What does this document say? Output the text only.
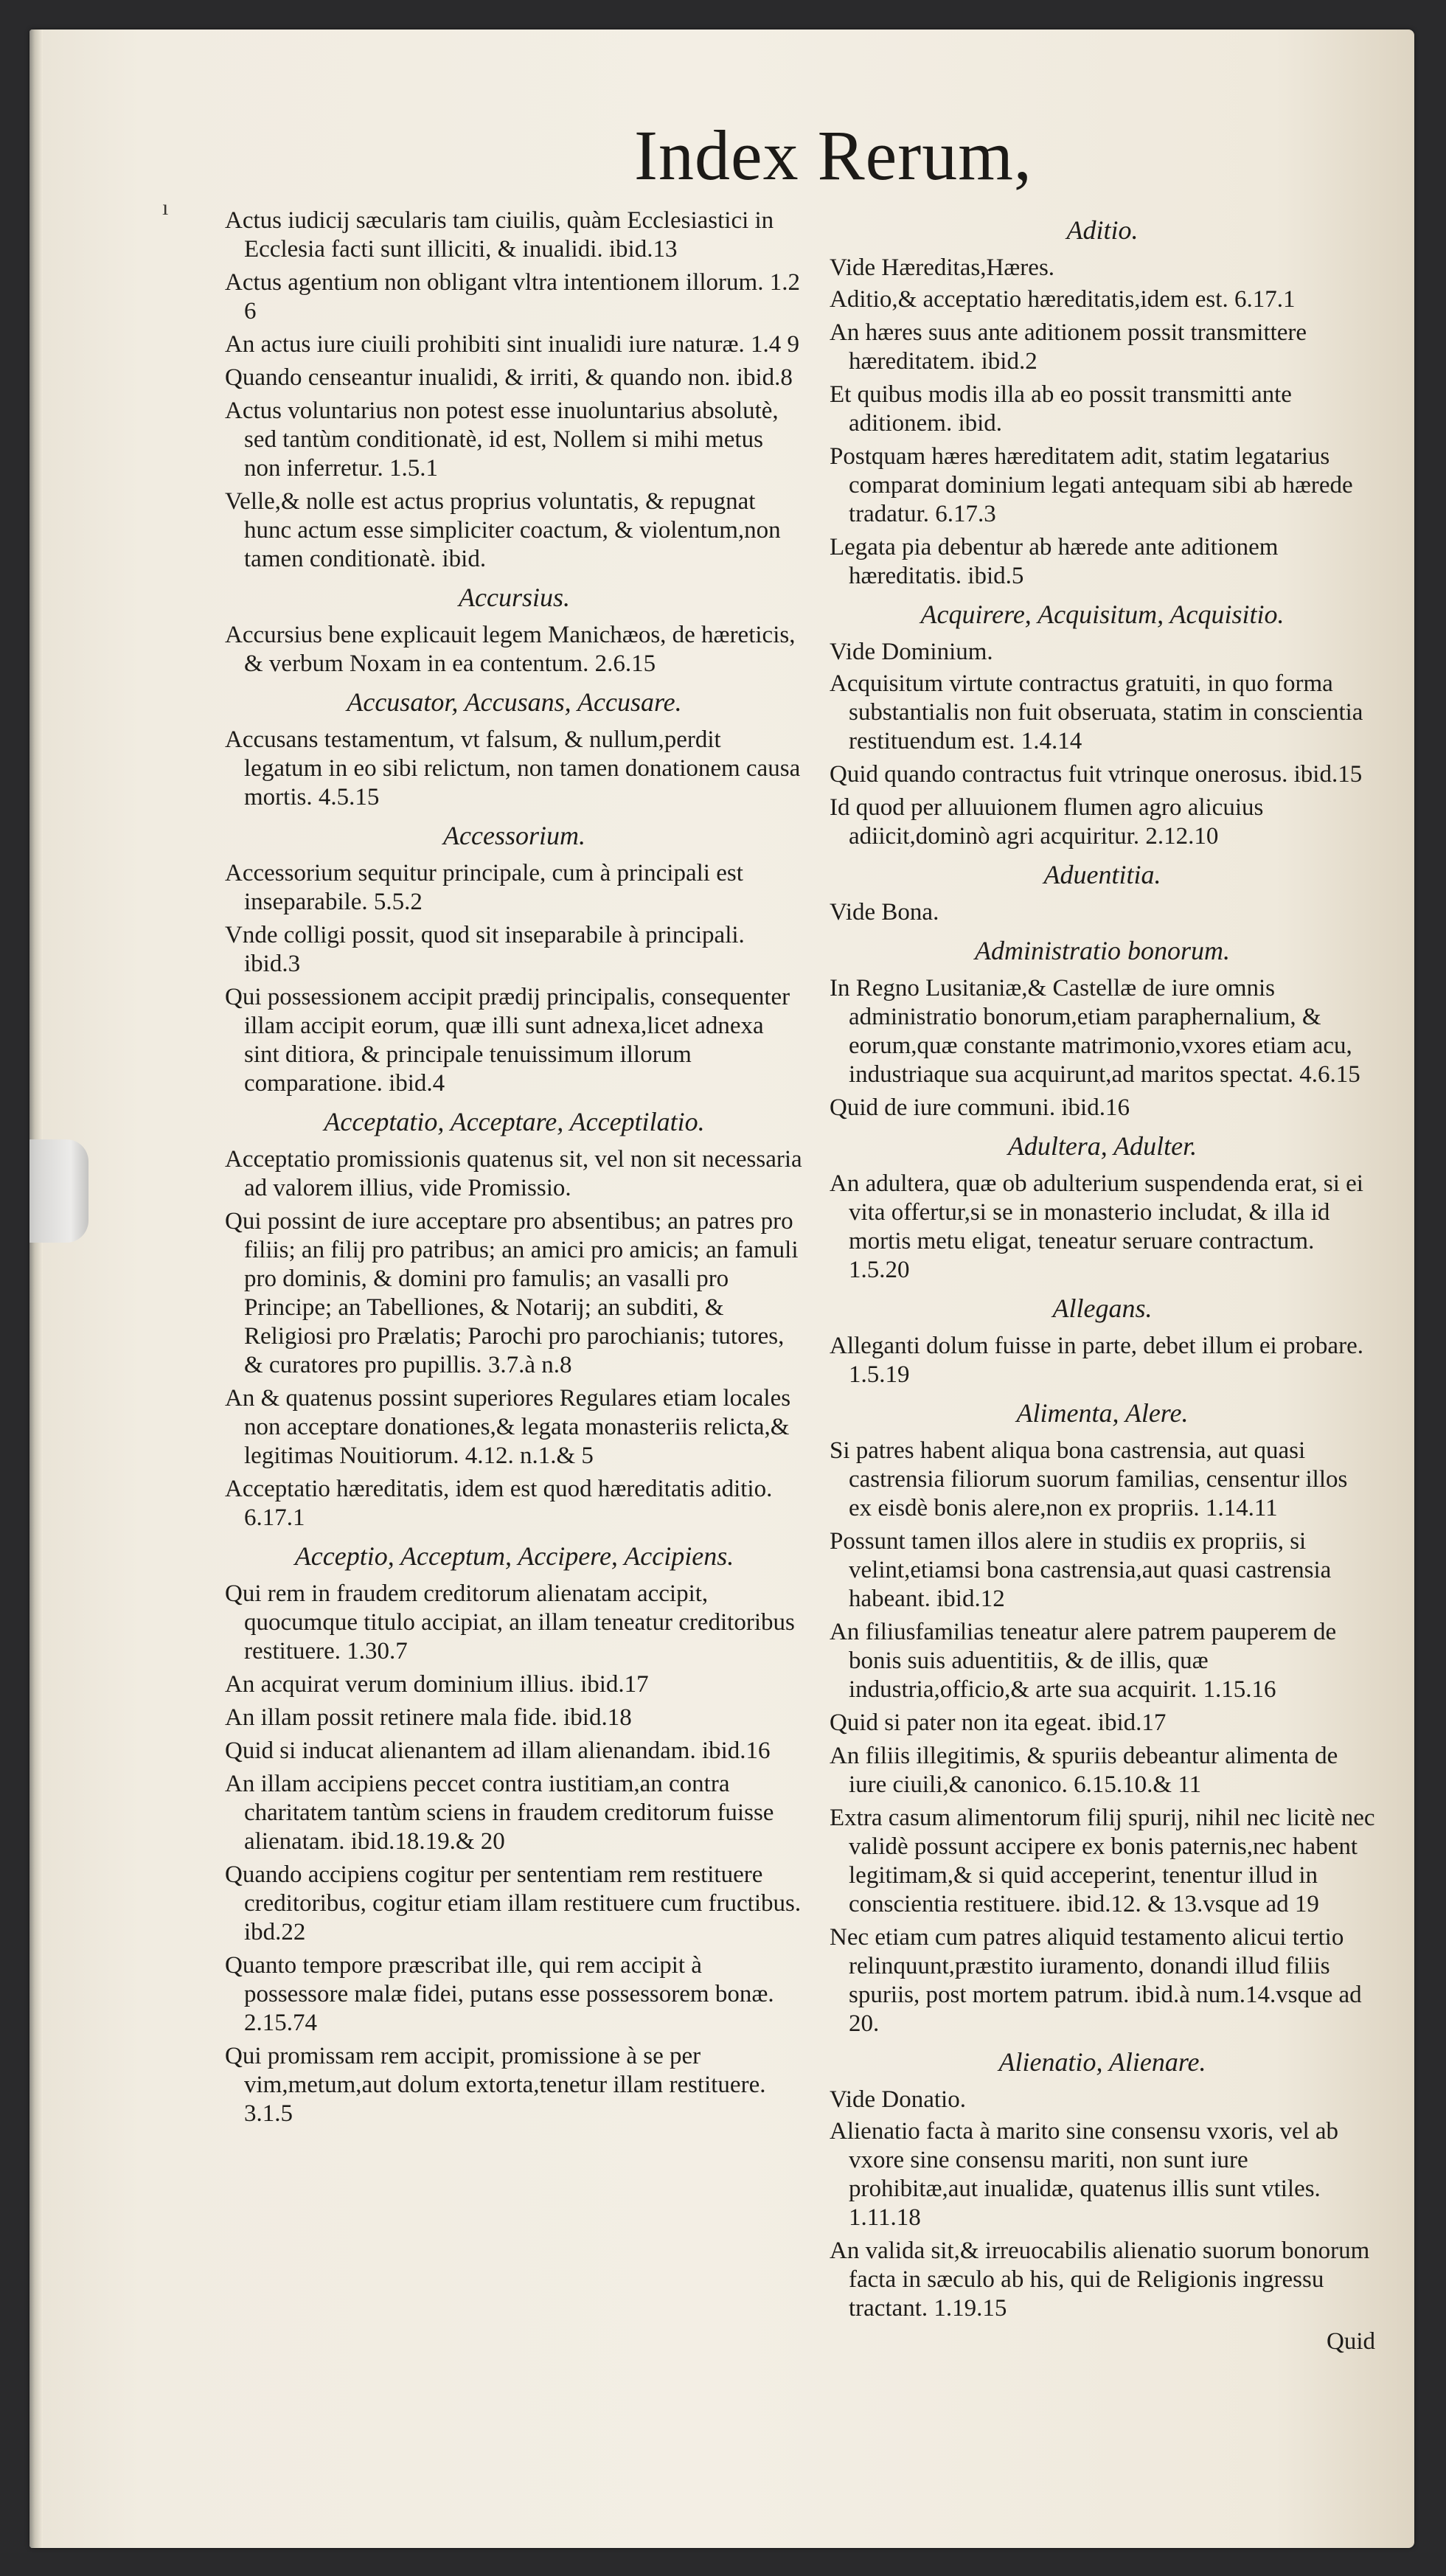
Index Rerum,
ı Actus iudicij sæcularis tam ciuilis, quàm Ecclesiastici in Ecclesia facti sunt illiciti, & inualidi. ibid.13
Actus agentium non obligant vltra intentionem illorum. 1.2 6
An actus iure ciuili prohibiti sint inualidi iure naturæ. 1.4 9
Quando censeantur inualidi, & irriti, & quando non. ibid.8
Actus voluntarius non potest esse inuoluntarius absolutè, sed tantùm conditionatè, id est, Nollem si mihi metus non inferretur. 1.5.1
Velle,& nolle est actus proprius voluntatis, & repugnat hunc actum esse simpliciter coactum, & violentum,non tamen conditionatè. ibid.
Accursius.
Accursius bene explicauit legem Manichæos, de hæreticis, & verbum Noxam in ea contentum. 2.6.15
Accusator, Accusans, Accusare.
Accusans testamentum, vt falsum, & nullum,perdit legatum in eo sibi relictum, non tamen donationem causa mortis. 4.5.15
Accessorium.
Accessorium sequitur principale, cum à principali est inseparabile. 5.5.2
Vnde colligi possit, quod sit inseparabile à principali. ibid.3
Qui possessionem accipit prædij principalis, consequenter illam accipit eorum, quæ illi sunt adnexa,licet adnexa sint ditiora, & principale tenuissimum illorum comparatione. ibid.4
Acceptatio, Acceptare, Acceptilatio.
Acceptatio promissionis quatenus sit, vel non sit necessaria ad valorem illius, vide Promissio.
Qui possint de iure acceptare pro absentibus; an patres pro filiis; an filij pro patribus; an amici pro amicis; an famuli pro dominis, & domini pro famulis; an vasalli pro Principe; an Tabelliones, & Notarij; an subditi, & Religiosi pro Prælatis; Parochi pro parochianis; tutores, & curatores pro pupillis. 3.7.à n.8
An & quatenus possint superiores Regulares etiam locales non acceptare donationes,& legata monasteriis relicta,& legitimas Nouitiorum. 4.12. n.1.& 5
Acceptatio hæreditatis, idem est quod hæreditatis aditio. 6.17.1
Acceptio, Acceptum, Accipere, Accipiens.
Qui rem in fraudem creditorum alienatam accipit, quocumque titulo accipiat, an illam teneatur creditoribus restituere. 1.30.7
An acquirat verum dominium illius. ibid.17
An illam possit retinere mala fide. ibid.18
Quid si inducat alienantem ad illam alienandam. ibid.16
An illam accipiens peccet contra iustitiam,an contra charitatem tantùm sciens in fraudem creditorum fuisse alienatam. ibid.18.19.& 20
Quando accipiens cogitur per sententiam rem restituere creditoribus, cogitur etiam illam restituere cum fructibus. ibd.22
Quanto tempore præscribat ille, qui rem accipit à possessore malæ fidei, putans esse possessorem bonæ. 2.15.74
Qui promissam rem accipit, promissione à se per vim,metum,aut dolum extorta,tenetur illam restituere. 3.1.5
Aditio.
Vide Hæreditas,Hæres.
Aditio,& acceptatio hæreditatis,idem est. 6.17.1
An hæres suus ante aditionem possit transmittere hæreditatem. ibid.2
Et quibus modis illa ab eo possit transmitti ante aditionem. ibid.
Postquam hæres hæreditatem adit, statim legatarius comparat dominium legati antequam sibi ab hærede tradatur. 6.17.3
Legata pia debentur ab hærede ante aditionem hæreditatis. ibid.5
Acquirere, Acquisitum, Acquisitio.
Vide Dominium.
Acquisitum virtute contractus gratuiti, in quo forma substantialis non fuit obseruata, statim in conscientia restituendum est. 1.4.14
Quid quando contractus fuit vtrinque onerosus. ibid.15
Id quod per alluuionem flumen agro alicuius adiicit,dominò agri acquiritur. 2.12.10
Aduentitia.
Vide Bona.
Administratio bonorum.
In Regno Lusitaniæ,& Castellæ de iure omnis administratio bonorum,etiam paraphernalium, & eorum,quæ constante matrimonio,vxores etiam acu, industriaque sua acquirunt,ad maritos spectat. 4.6.15
Quid de iure communi. ibid.16
Adultera, Adulter.
An adultera, quæ ob adulterium suspendenda erat, si ei vita offertur,si se in monasterio includat, & illa id mortis metu eligat, teneatur seruare contractum. 1.5.20
Allegans.
Alleganti dolum fuisse in parte, debet illum ei probare. 1.5.19
Alimenta, Alere.
Si patres habent aliqua bona castrensia, aut quasi castrensia filiorum suorum familias, censentur illos ex eisdè bonis alere,non ex propriis. 1.14.11
Possunt tamen illos alere in studiis ex propriis, si velint,etiamsi bona castrensia,aut quasi castrensia habeant. ibid.12
An filiusfamilias teneatur alere patrem pauperem de bonis suis aduentitiis, & de illis, quæ industria,officio,& arte sua acquirit. 1.15.16
Quid si pater non ita egeat. ibid.17
An filiis illegitimis, & spuriis debeantur alimenta de iure ciuili,& canonico. 6.15.10.& 11
Extra casum alimentorum filij spurij, nihil nec licitè nec validè possunt accipere ex bonis paternis,nec habent legitimam,& si quid acceperint, tenentur illud in conscientia restituere. ibid.12. & 13.vsque ad 19
Nec etiam cum patres aliquid testamento alicui tertio relinquunt,præstito iuramento, donandi illud filiis spuriis, post mortem patrum. ibid.à num.14.vsque ad 20.
Alienatio, Alienare.
Vide Donatio.
Alienatio facta à marito sine consensu vxoris, vel ab vxore sine consensu mariti, non sunt iure prohibitæ,aut inualidæ, quatenus illis sunt vtiles. 1.11.18
An valida sit,& irreuocabilis alienatio suorum bonorum facta in sæculo ab his, qui de Religionis ingressu tractant. 1.19.15
Quid
